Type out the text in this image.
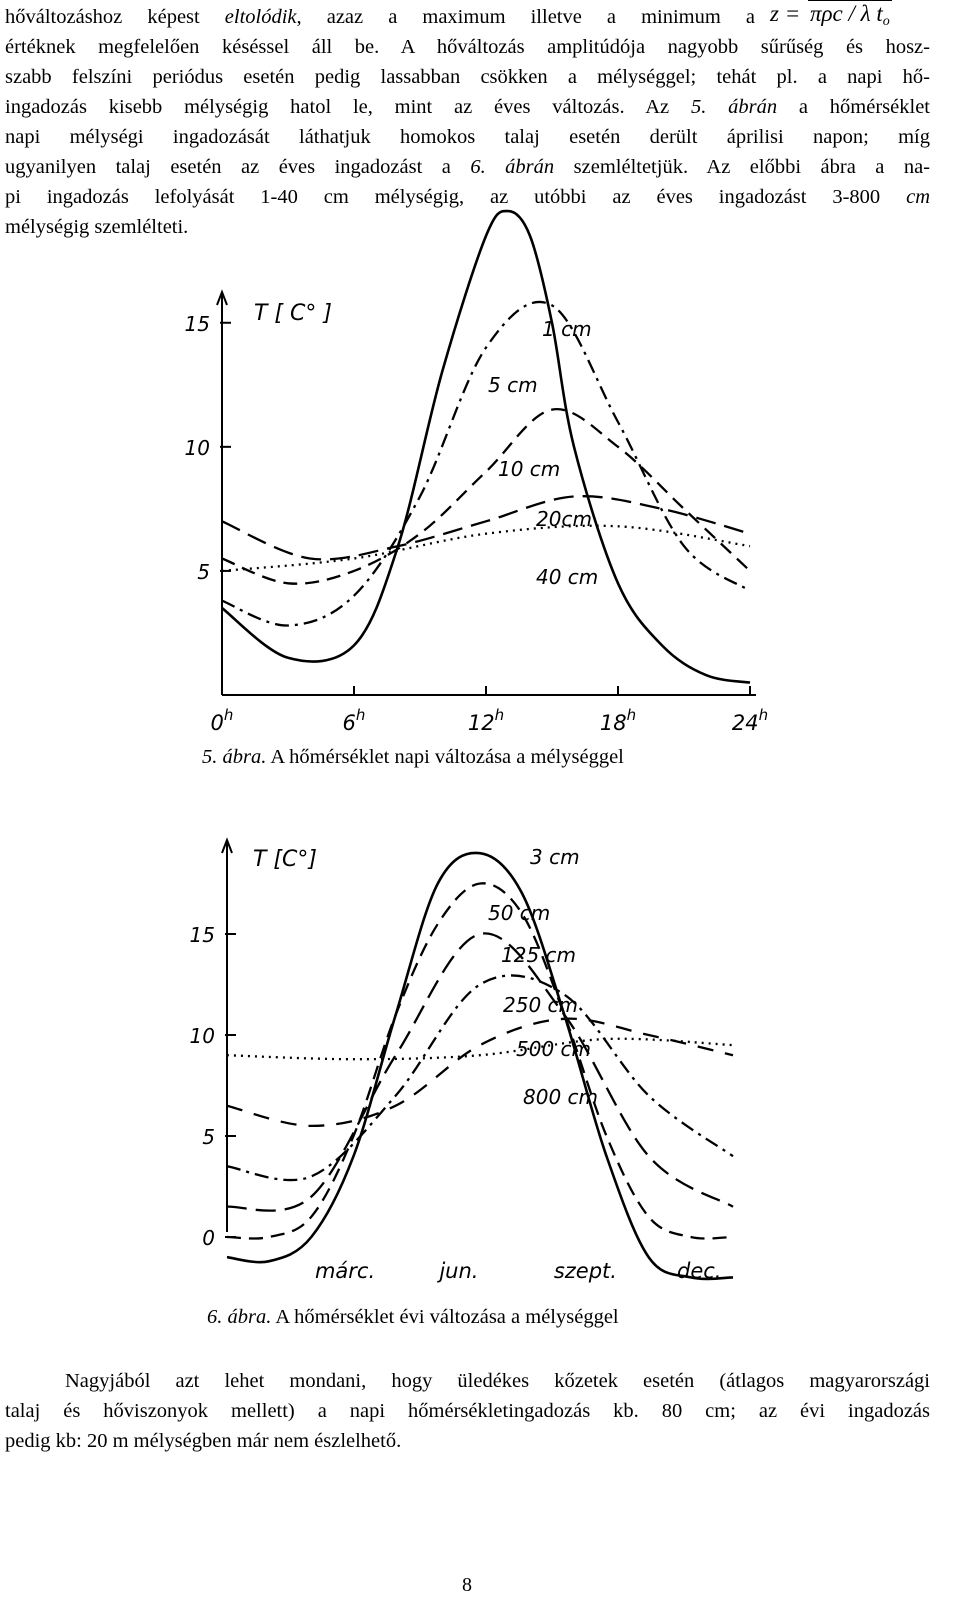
hőváltozáshoz képest eltolódik, azaz a maximum illetve a minimum a
értéknek megfelelően késéssel áll be. A hőváltozás amplitúdója nagyobb sűrűség és hosz-
szabb felszíni periódus esetén pedig lassabban csökken a mélységgel; tehát pl. a napi hő-
ingadozás kisebb mélységig hatol le, mint az éves változás. Az 5. ábrán a hőmérséklet
napi mélységi ingadozását láthatjuk homokos talaj esetén derült áprilisi napon; míg
ugyanilyen talaj esetén az éves ingadozást a 6. ábrán szemléltetjük. Az előbbi ábra a na-
pi ingadozás lefolyását 1-40 cm mélységig, az utóbbi az éves ingadozást 3-800 cm
mélységig szemlélteti.
z = πρc / λ $t_o$
5. ábra. A hőmérséklet napi változása a mélységgel
6. ábra. A hőmérséklet évi változása a mélységgel
Nagyjából azt lehet mondani, hogy üledékes kőzetek esetén (átlagos magyarországi
talaj és hőviszonyok mellett) a napi hőmérsékletingadozás kb. 80 cm; az évi ingadozás
pedig kb: 20 m mélységben már nem észlelhető.
8
T [ C° ]
5
10
15
0$^h$	6$^h$	12$^h$	18$^h$	24$^h$
1 cm
5 cm
10 cm
20cm
40 cm
T [C°]
0
5
10
15
márc.	jun.	szept.	dec.
3 cm
50 cm
125 cm
250 cm
500 cm
800 cm
